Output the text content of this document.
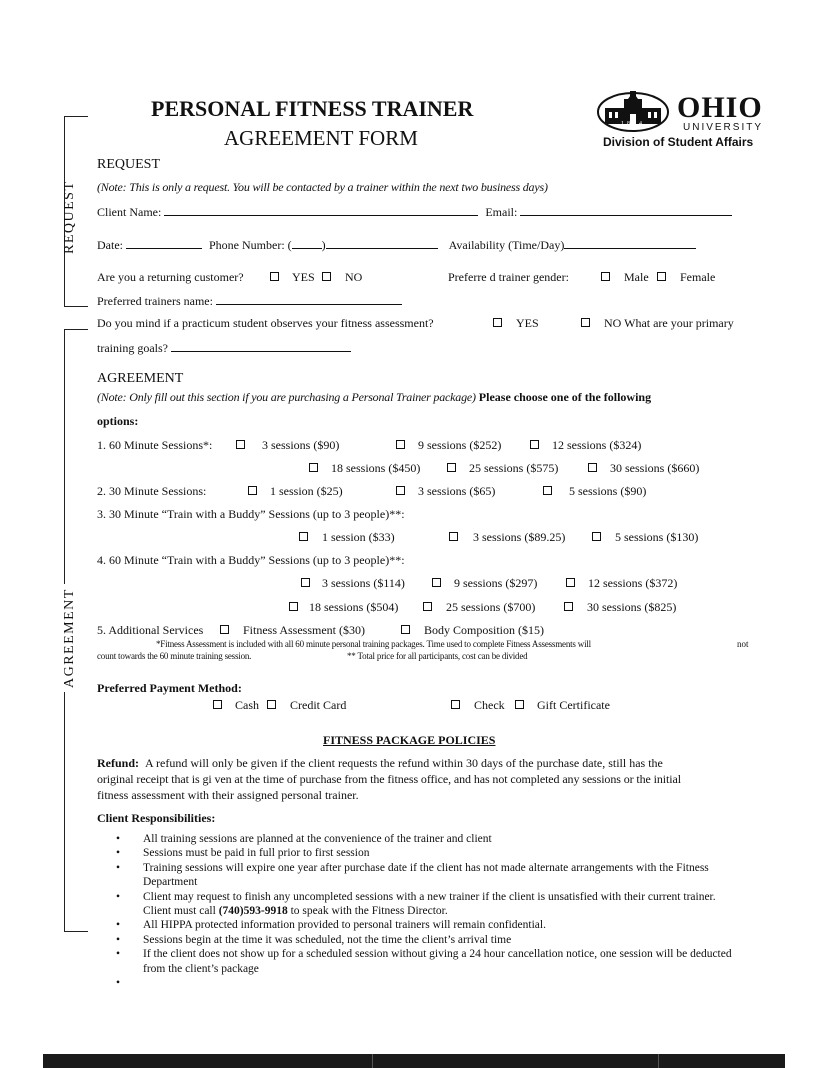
PERSONAL FITNESS TRAINER
AGREEMENT FORM
1804 OHIO
UNIVERSITY
Division of Student Affairs
REQUEST
AGREEMENT
REQUEST
(Note: This is only a request. You will be contacted by a trainer within the next two business days)
Client Name:	Email:
Date:	Phone Number: (	)	Availability (Time/Day)
Are you a returning customer?	YES	NO	Preferre d trainer gender:	Male	Female
Preferred trainers name:
Do you mind if a practicum student observes your fitness assessment?	YES	NO What are your primary
training goals?
AGREEMENT
(Note: Only fill out this section if you are purchasing a Personal Trainer package) Please choose one of the following
options:
1. 60 Minute Sessions*:	3 sessions ($90)	9 sessions ($252)	12 sessions ($324)
18 sessions ($450)	25 sessions ($575)	30 sessions ($660)
2. 30 Minute Sessions:	1 session ($25)	3 sessions ($65)	5 sessions ($90)
3. 30 Minute “Train with a Buddy” Sessions (up to 3 people)**:
1 session ($33)	3 sessions ($89.25)	5 sessions ($130)
4. 60 Minute “Train with a Buddy” Sessions (up to 3 people)**:
3 sessions ($114)	9 sessions ($297)	12 sessions ($372)
18 sessions ($504)	25 sessions ($700)	30 sessions ($825)
5. Additional Services	Fitness Assessment ($30)	Body Composition ($15)
*Fitness Assessment is included with all 60 minute personal training packages. Time used to complete Fitness Assessments will	not
count towards the 60 minute training session.	** Total price for all participants, cost can be divided
Preferred Payment Method:
Cash	Credit Card	Check	Gift Certificate
FITNESS PACKAGE POLICIES
Refund: A refund will only be given if the client requests the refund within 30 days of the purchase date, still has the
original receipt that is gi ven at the time of purchase from the fitness office, and has not completed any sessions or the initial
fitness assessment with their assigned personal trainer.
Client Responsibilities:
• All training sessions are planned at the convenience of the trainer and client
• Sessions must be paid in full prior to first session
• Training sessions will expire one year after purchase date if the client has not made alternate arrangements with the Fitness
Department
• Client may request to finish any uncompleted sessions with a new trainer if the client is unsatisfied with their current trainer.
Client must call (740)593-9918 to speak with the Fitness Director.
• All HIPPA protected information provided to personal trainers will remain confidential.
• Sessions begin at the time it was scheduled, not the time the client’s arrival time
• If the client does not show up for a scheduled session without giving a 24 hour cancellation notice, one session will be deducted
from the client’s package
•
